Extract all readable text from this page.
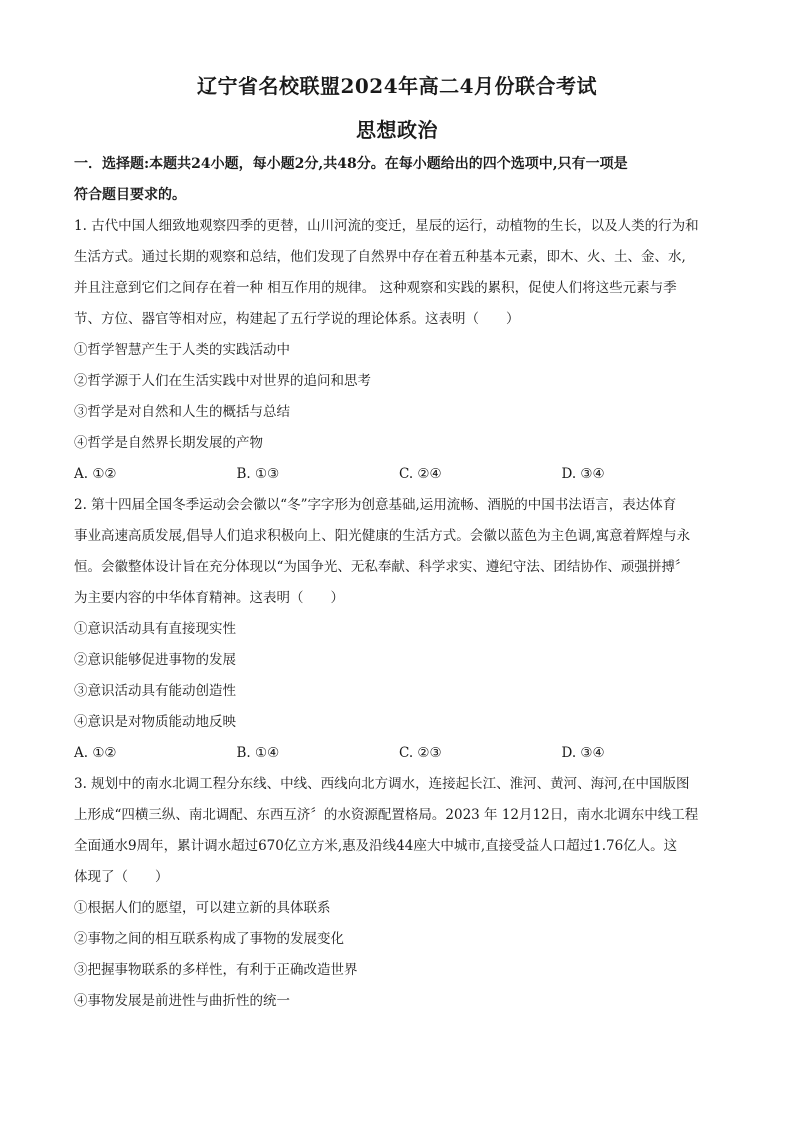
辽宁省名校联盟2024年高二4月份联合考试
思想政治
一．选择题:本题共24小题，每小题2分,共48分。在每小题给出的四个选项中,只有一项是
符合题目要求的。
1. 古代中国人细致地观察四季的更替，山川河流的变迁，星辰的运行，动植物的生长，以及人类的行为和
生活方式。通过长期的观察和总结，他们发现了自然界中存在着五种基本元素，即木、火、土、金、水,
并且注意到它们之间存在着一种 相互作用的规律。 这种观察和实践的累积，促使人们将这些元素与季
节、方位、器官等相对应，构建起了五行学说的理论体系。这表明（　　）
①哲学智慧产生于人类的实践活动中
②哲学源于人们在生活实践中对世界的追问和思考
③哲学是对自然和人生的概括与总结
④哲学是自然界长期发展的产物
A. ①②	B. ①③	C. ②④	D. ③④
2. 第十四届全国冬季运动会会徽以“冬”字字形为创意基础,运用流畅、酒脱的中国书法语言，表达体育
事业高速高质发展,倡导人们追求积极向上、阳光健康的生活方式。会徽以蓝色为主色调,寓意着辉煌与永
恒。会徽整体设计旨在充分体现以“为国争光、无私奉献、科学求实、遵纪守法、团结协作、顽强拼搏〞
为主要内容的中华体育精神。这表明（　　）
①意识活动具有直接现实性
②意识能够促进事物的发展
③意识活动具有能动创造性
④意识是对物质能动地反映
A. ①②	B. ①④	C. ②③	D. ③④
3. 规划中的南水北调工程分东线、中线、西线向北方调水，连接起长江、淮河、黄河、海河,在中国版图
上形成“四横三纵、南北调配、东西互济〞的水资源配置格局。2023 年 12月12日，南水北调东中线工程
全面通水9周年，累计调水超过670亿立方米,惠及沿线44座大中城市,直接受益人口超过1.76亿人。这
体现了（　　）
①根据人们的愿望，可以建立新的具体联系
②事物之间的相互联系构成了事物的发展变化
③把握事物联系的多样性，有利于正确改造世界
④事物发展是前进性与曲折性的统一
